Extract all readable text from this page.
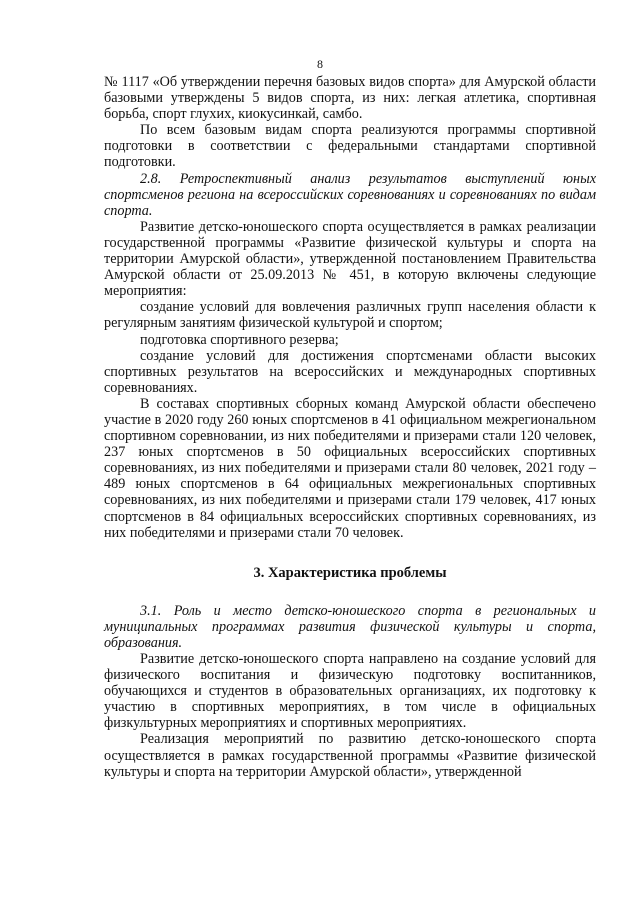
8

№ 1117 «Об утверждении перечня базовых видов спорта» для Амурской области базовыми утверждены 5 видов спорта, из них: легкая атлетика, спортивная борьба, спорт глухих, киокусинкай, самбо.

По всем базовым видам спорта реализуются программы спортивной подготовки в соответствии с федеральными стандартами спортивной подготовки.

2.8. Ретроспективный анализ результатов выступлений юных спортсменов региона на всероссийских соревнованиях и соревнованиях по видам спорта.

Развитие детско-юношеского спорта осуществляется в рамках реализации государственной программы «Развитие физической культуры и спорта на территории Амурской области», утвержденной постановлением Правительства Амурской области от 25.09.2013 № 451, в которую включены следующие мероприятия:

создание условий для вовлечения различных групп населения области к регулярным занятиям физической культурой и спортом;

подготовка спортивного резерва;

создание условий для достижения спортсменами области высоких спортивных результатов на всероссийских и международных спортивных соревнованиях.

В составах спортивных сборных команд Амурской области обеспечено участие в 2020 году 260 юных спортсменов в 41 официальном межрегиональном спортивном соревновании, из них победителями и призерами стали 120 человек, 237 юных спортсменов в 50 официальных всероссийских спортивных соревнованиях, из них победителями и призерами стали 80 человек, 2021 году – 489 юных спортсменов в 64 официальных межрегиональных спортивных соревнованиях, из них победителями и призерами стали 179 человек, 417 юных спортсменов в 84 официальных всероссийских спортивных соревнованиях, из них победителями и призерами стали 70 человек.

3. Характеристика проблемы

3.1. Роль и место детско-юношеского спорта в региональных и муниципальных программах развития физической культуры и спорта, образования.

Развитие детско-юношеского спорта направлено на создание условий для физического воспитания и физическую подготовку воспитанников, обучающихся и студентов в образовательных организациях, их подготовку к участию в спортивных мероприятиях, в том числе в официальных физкультурных мероприятиях и спортивных мероприятиях.

Реализация мероприятий по развитию детско-юношеского спорта осуществляется в рамках государственной программы «Развитие физической культуры и спорта на территории Амурской области», утвержденной
